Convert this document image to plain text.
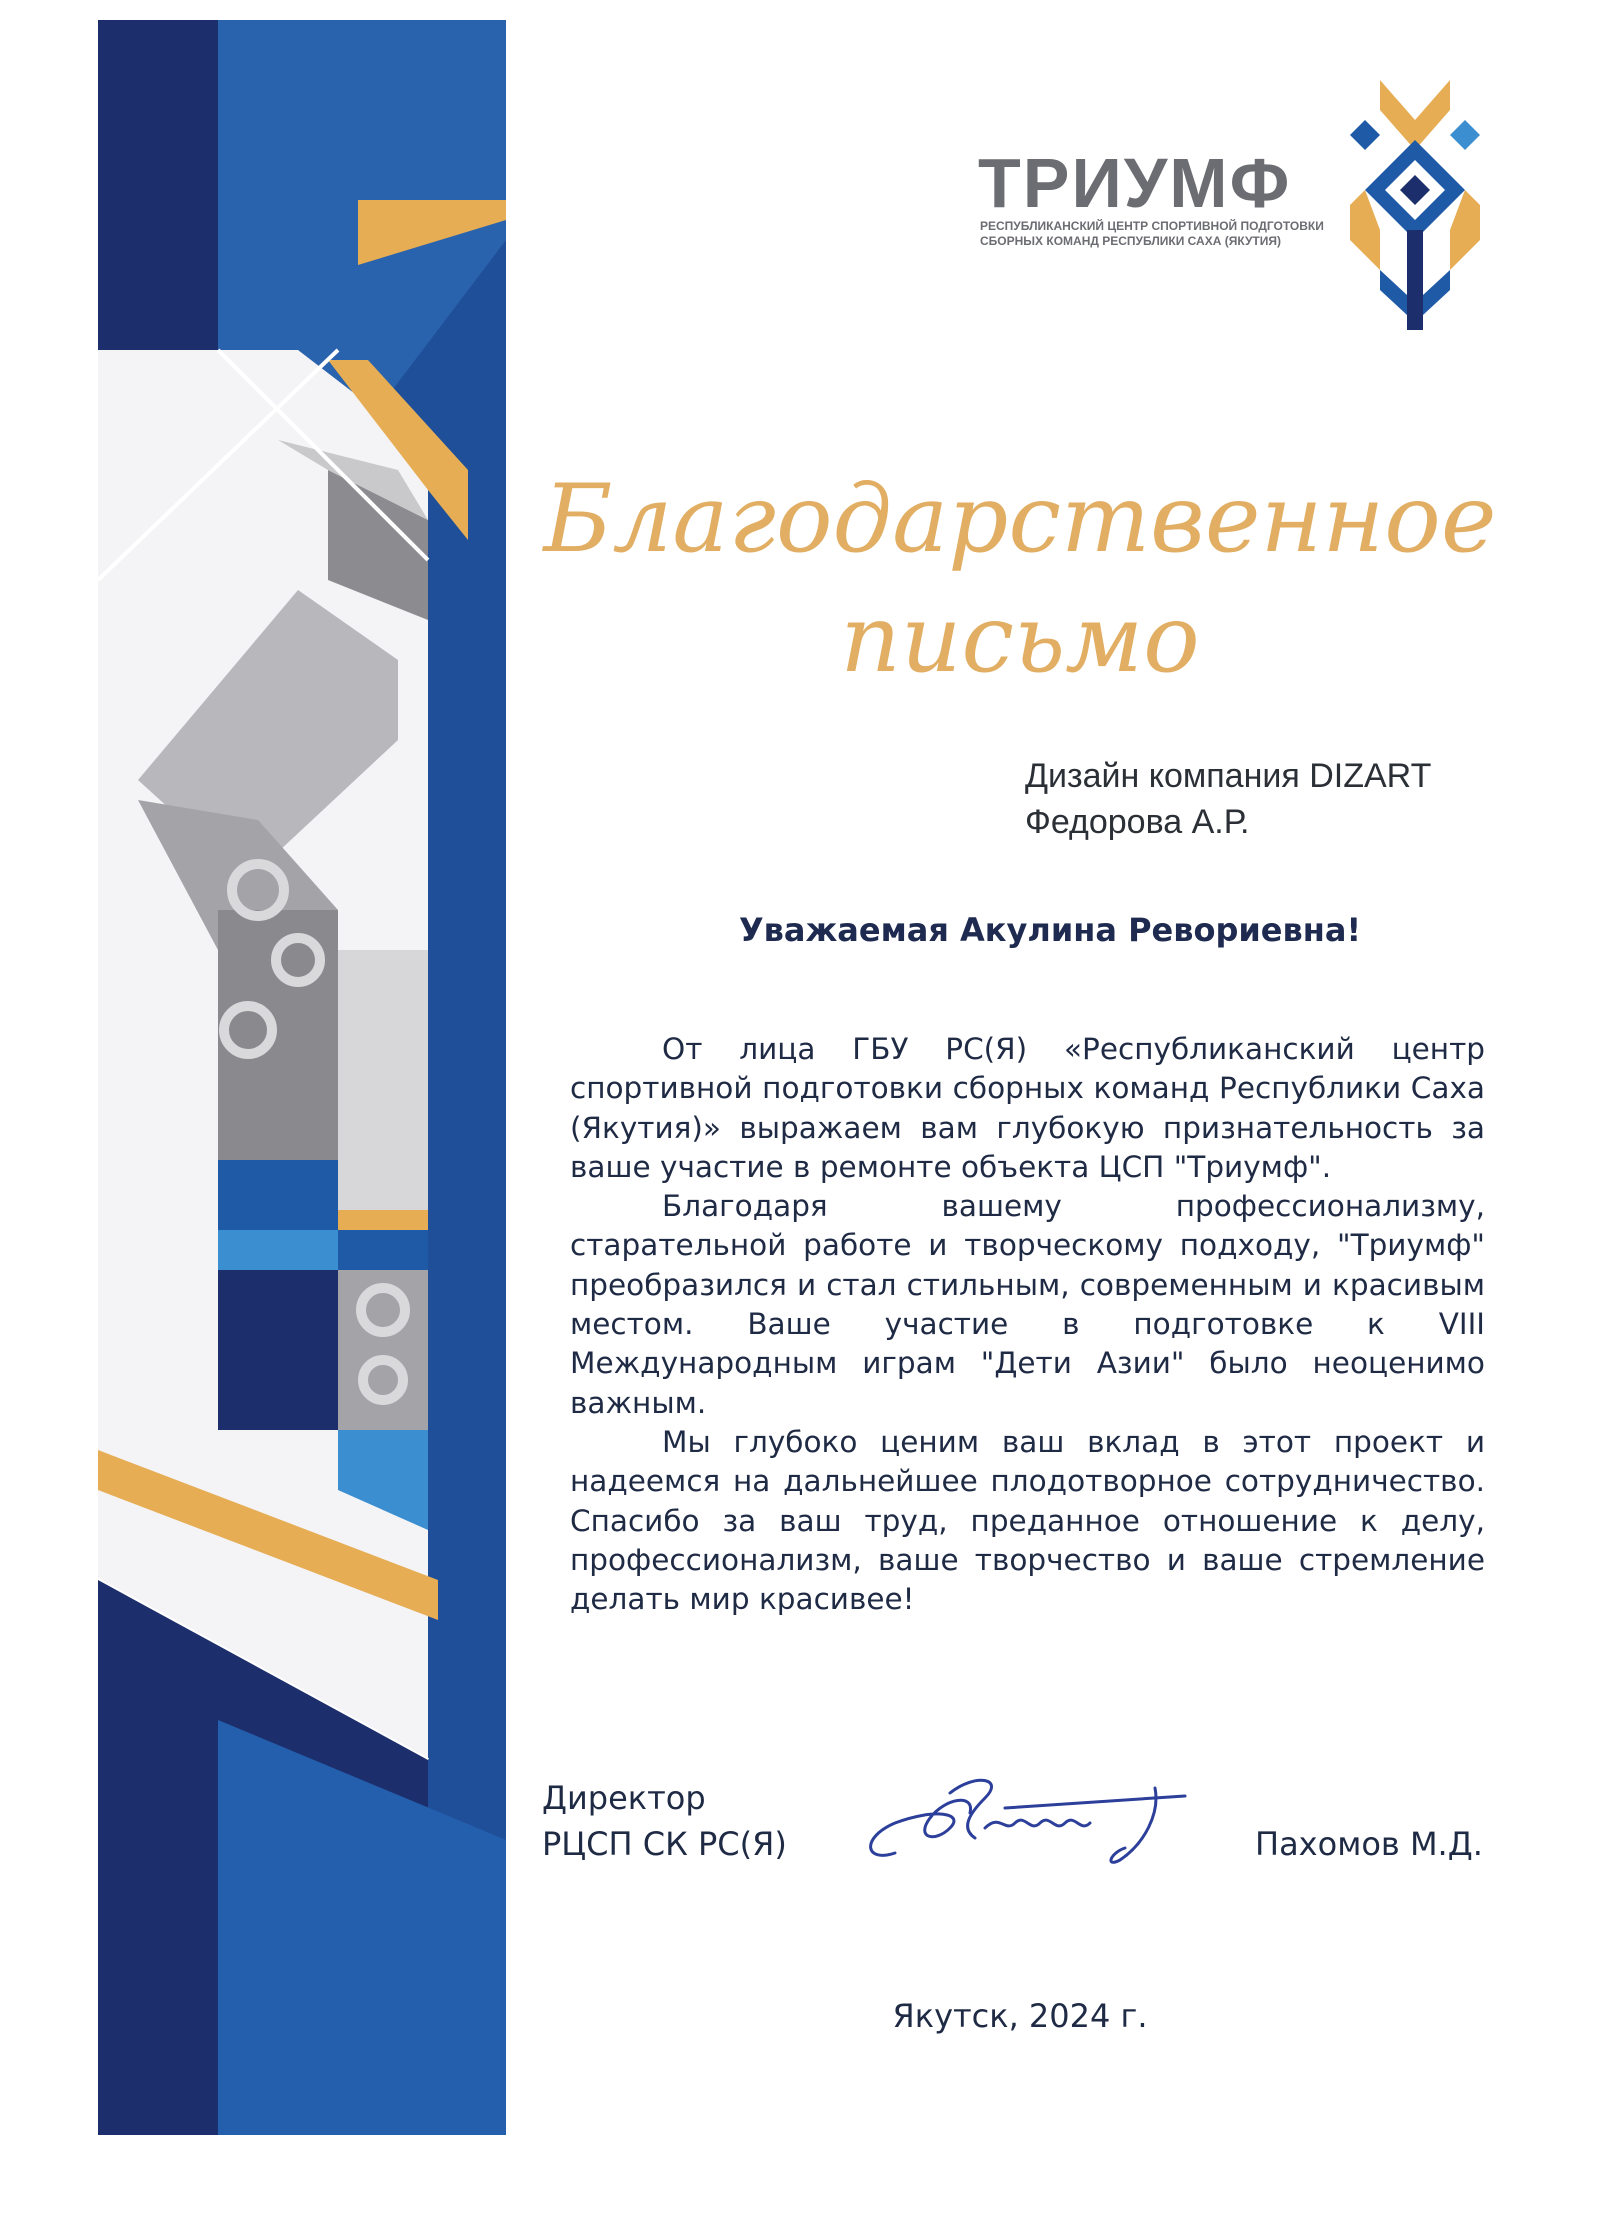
ТРИУМФ
РЕСПУБЛИКАНСКИЙ ЦЕНТР СПОРТИВНОЙ ПОДГОТОВКИ
СБОРНЫХ КОМАНД РЕСПУБЛИКИ САХА (ЯКУТИЯ)
Благодарственное
письмо
Дизайн компания DIZART
Федорова А.Р.
Уважаемая Акулина Ревориевна!

От лица ГБУ РС(Я) «Республиканский центр спортивной подготовки сборных команд Республики Саха (Якутия)» выражаем вам глубокую признательность за ваше участие в ремонте объекта ЦСП "Триумф".

Благодаря вашему профессионализму, старательной работе и творческому подходу, "Триумф" преобразился и стал стильным, современным и красивым местом. Ваше участие в подготовке к VIII Международным играм "Дети Азии" было неоценимо важным.

Мы глубоко ценим ваш вклад в этот проект и надеемся на дальнейшее плодотворное сотрудничество. Спасибо за ваш труд, преданное отношение к делу, профессионализм, ваше творчество и ваше стремление делать мир красивее!

Директор
РЦСП СК РС(Я)	Пахомов М.Д.
Якутск, 2024 г.
